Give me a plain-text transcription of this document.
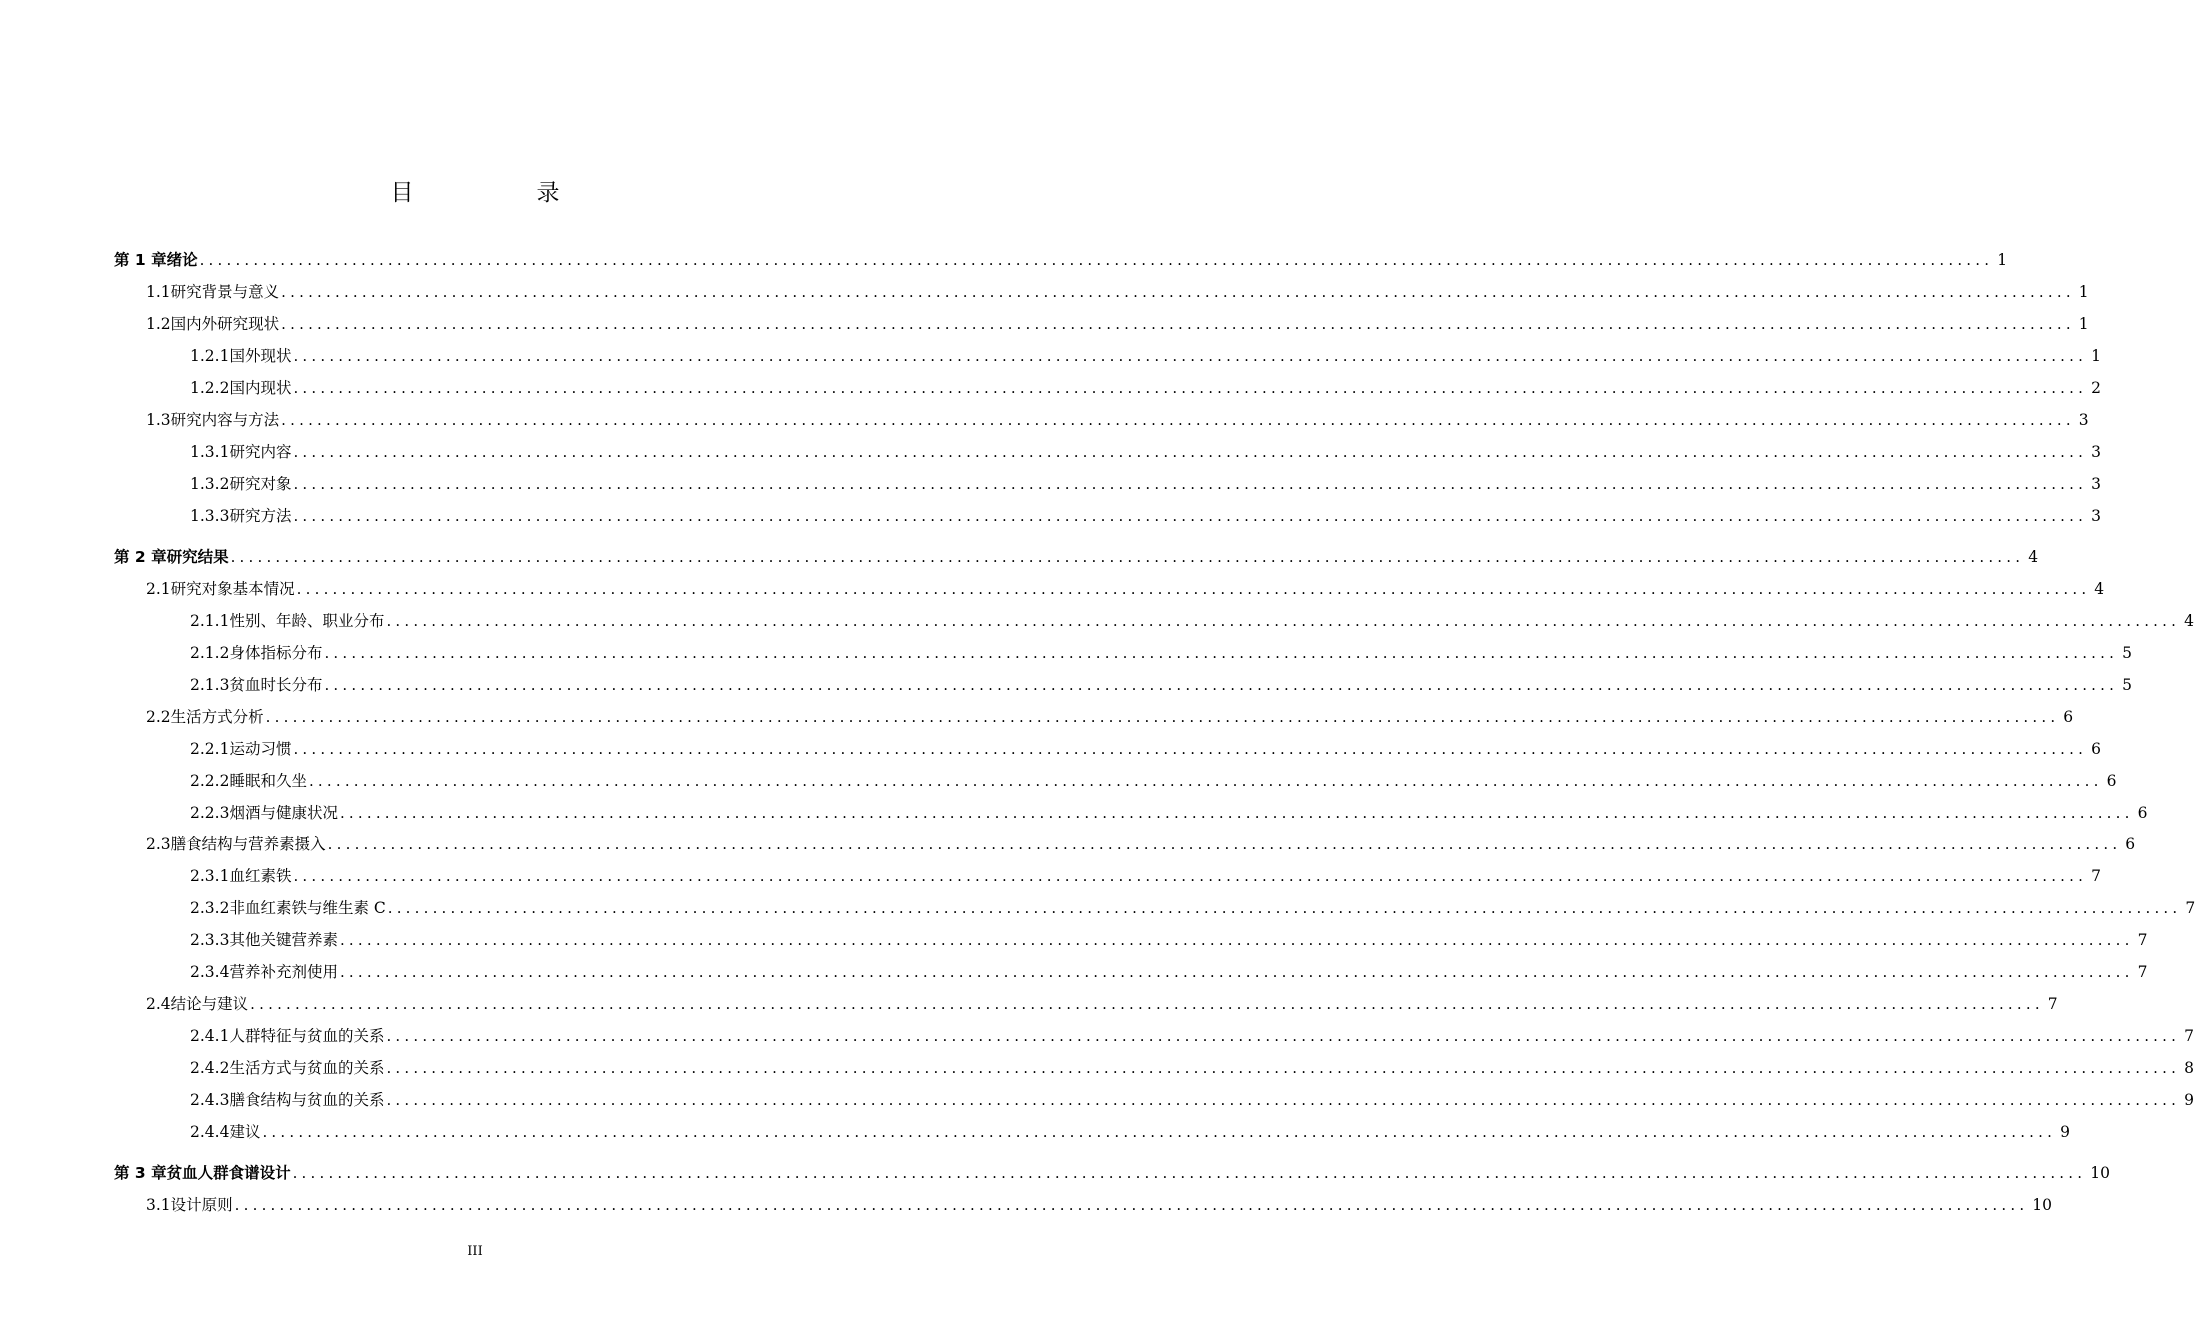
目　录
第 1 章 绪论 ........................................................................................................................................................................................................ 1
1.1 研究背景与意义 ........................................................................................................................................................................................................ 1
1.2 国内外研究现状 ........................................................................................................................................................................................................ 1
1.2.1 国外现状 ........................................................................................................................................................................................................ 1
1.2.2 国内现状 ........................................................................................................................................................................................................ 2
1.3 研究内容与方法 ........................................................................................................................................................................................................ 3
1.3.1 研究内容 ........................................................................................................................................................................................................ 3
1.3.2 研究对象 ........................................................................................................................................................................................................ 3
1.3.3 研究方法 ........................................................................................................................................................................................................ 3
第 2 章 研究结果 ........................................................................................................................................................................................................ 4
2.1 研究对象基本情况 ........................................................................................................................................................................................................ 4
2.1.1 性别、年龄、职业分布 ........................................................................................................................................................................................................ 4
2.1.2 身体指标分布 ........................................................................................................................................................................................................ 5
2.1.3 贫血时长分布 ........................................................................................................................................................................................................ 5
2.2 生活方式分析 ........................................................................................................................................................................................................ 6
2.2.1 运动习惯 ........................................................................................................................................................................................................ 6
2.2.2 睡眠和久坐 ........................................................................................................................................................................................................ 6
2.2.3 烟酒与健康状况 ........................................................................................................................................................................................................ 6
2.3 膳食结构与营养素摄入 ........................................................................................................................................................................................................ 6
2.3.1 血红素铁 ........................................................................................................................................................................................................ 7
2.3.2 非血红素铁与维生素 C ........................................................................................................................................................................................................ 7
2.3.3 其他关键营养素 ........................................................................................................................................................................................................ 7
2.3.4 营养补充剂使用 ........................................................................................................................................................................................................ 7
2.4 结论与建议 ........................................................................................................................................................................................................ 7
2.4.1 人群特征与贫血的关系 ........................................................................................................................................................................................................ 7
2.4.2 生活方式与贫血的关系 ........................................................................................................................................................................................................ 8
2.4.3 膳食结构与贫血的关系 ........................................................................................................................................................................................................ 9
2.4.4 建议 ........................................................................................................................................................................................................ 9
第 3 章 贫血人群食谱设计 ........................................................................................................................................................................................................ 10
3.1 设计原则 ........................................................................................................................................................................................................ 10
III
